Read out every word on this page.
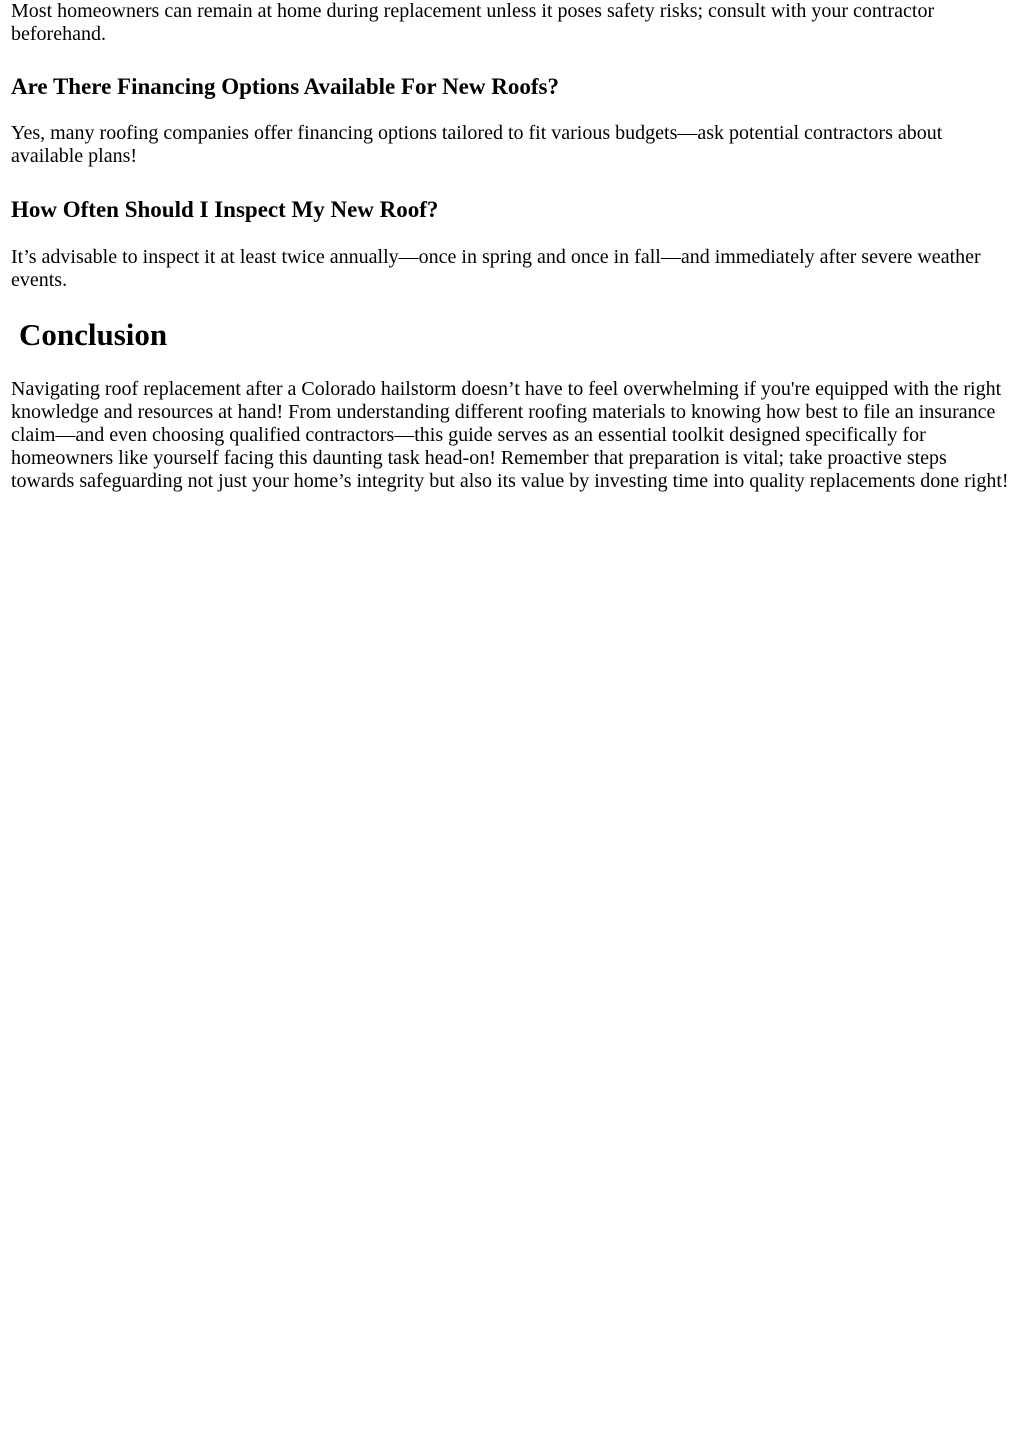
Most homeowners can remain at home during replacement unless it poses safety risks; consult with your contractor beforehand.

Are There Financing Options Available For New Roofs?

Yes, many roofing companies offer financing options tailored to fit various budgets—ask potential contractors about available plans!

How Often Should I Inspect My New Roof?

It’s advisable to inspect it at least twice annually—once in spring and once in fall—and immediately after severe weather events.

Conclusion

Navigating roof replacement after a Colorado hailstorm doesn’t have to feel overwhelming if you're equipped with the right knowledge and resources at hand! From understanding different roofing materials to knowing how best to file an insurance claim—and even choosing qualified contractors—this guide serves as an essential toolkit designed specifically for homeowners like yourself facing this daunting task head-on! Remember that preparation is vital; take proactive steps towards safeguarding not just your home’s integrity but also its value by investing time into quality replacements done right!
